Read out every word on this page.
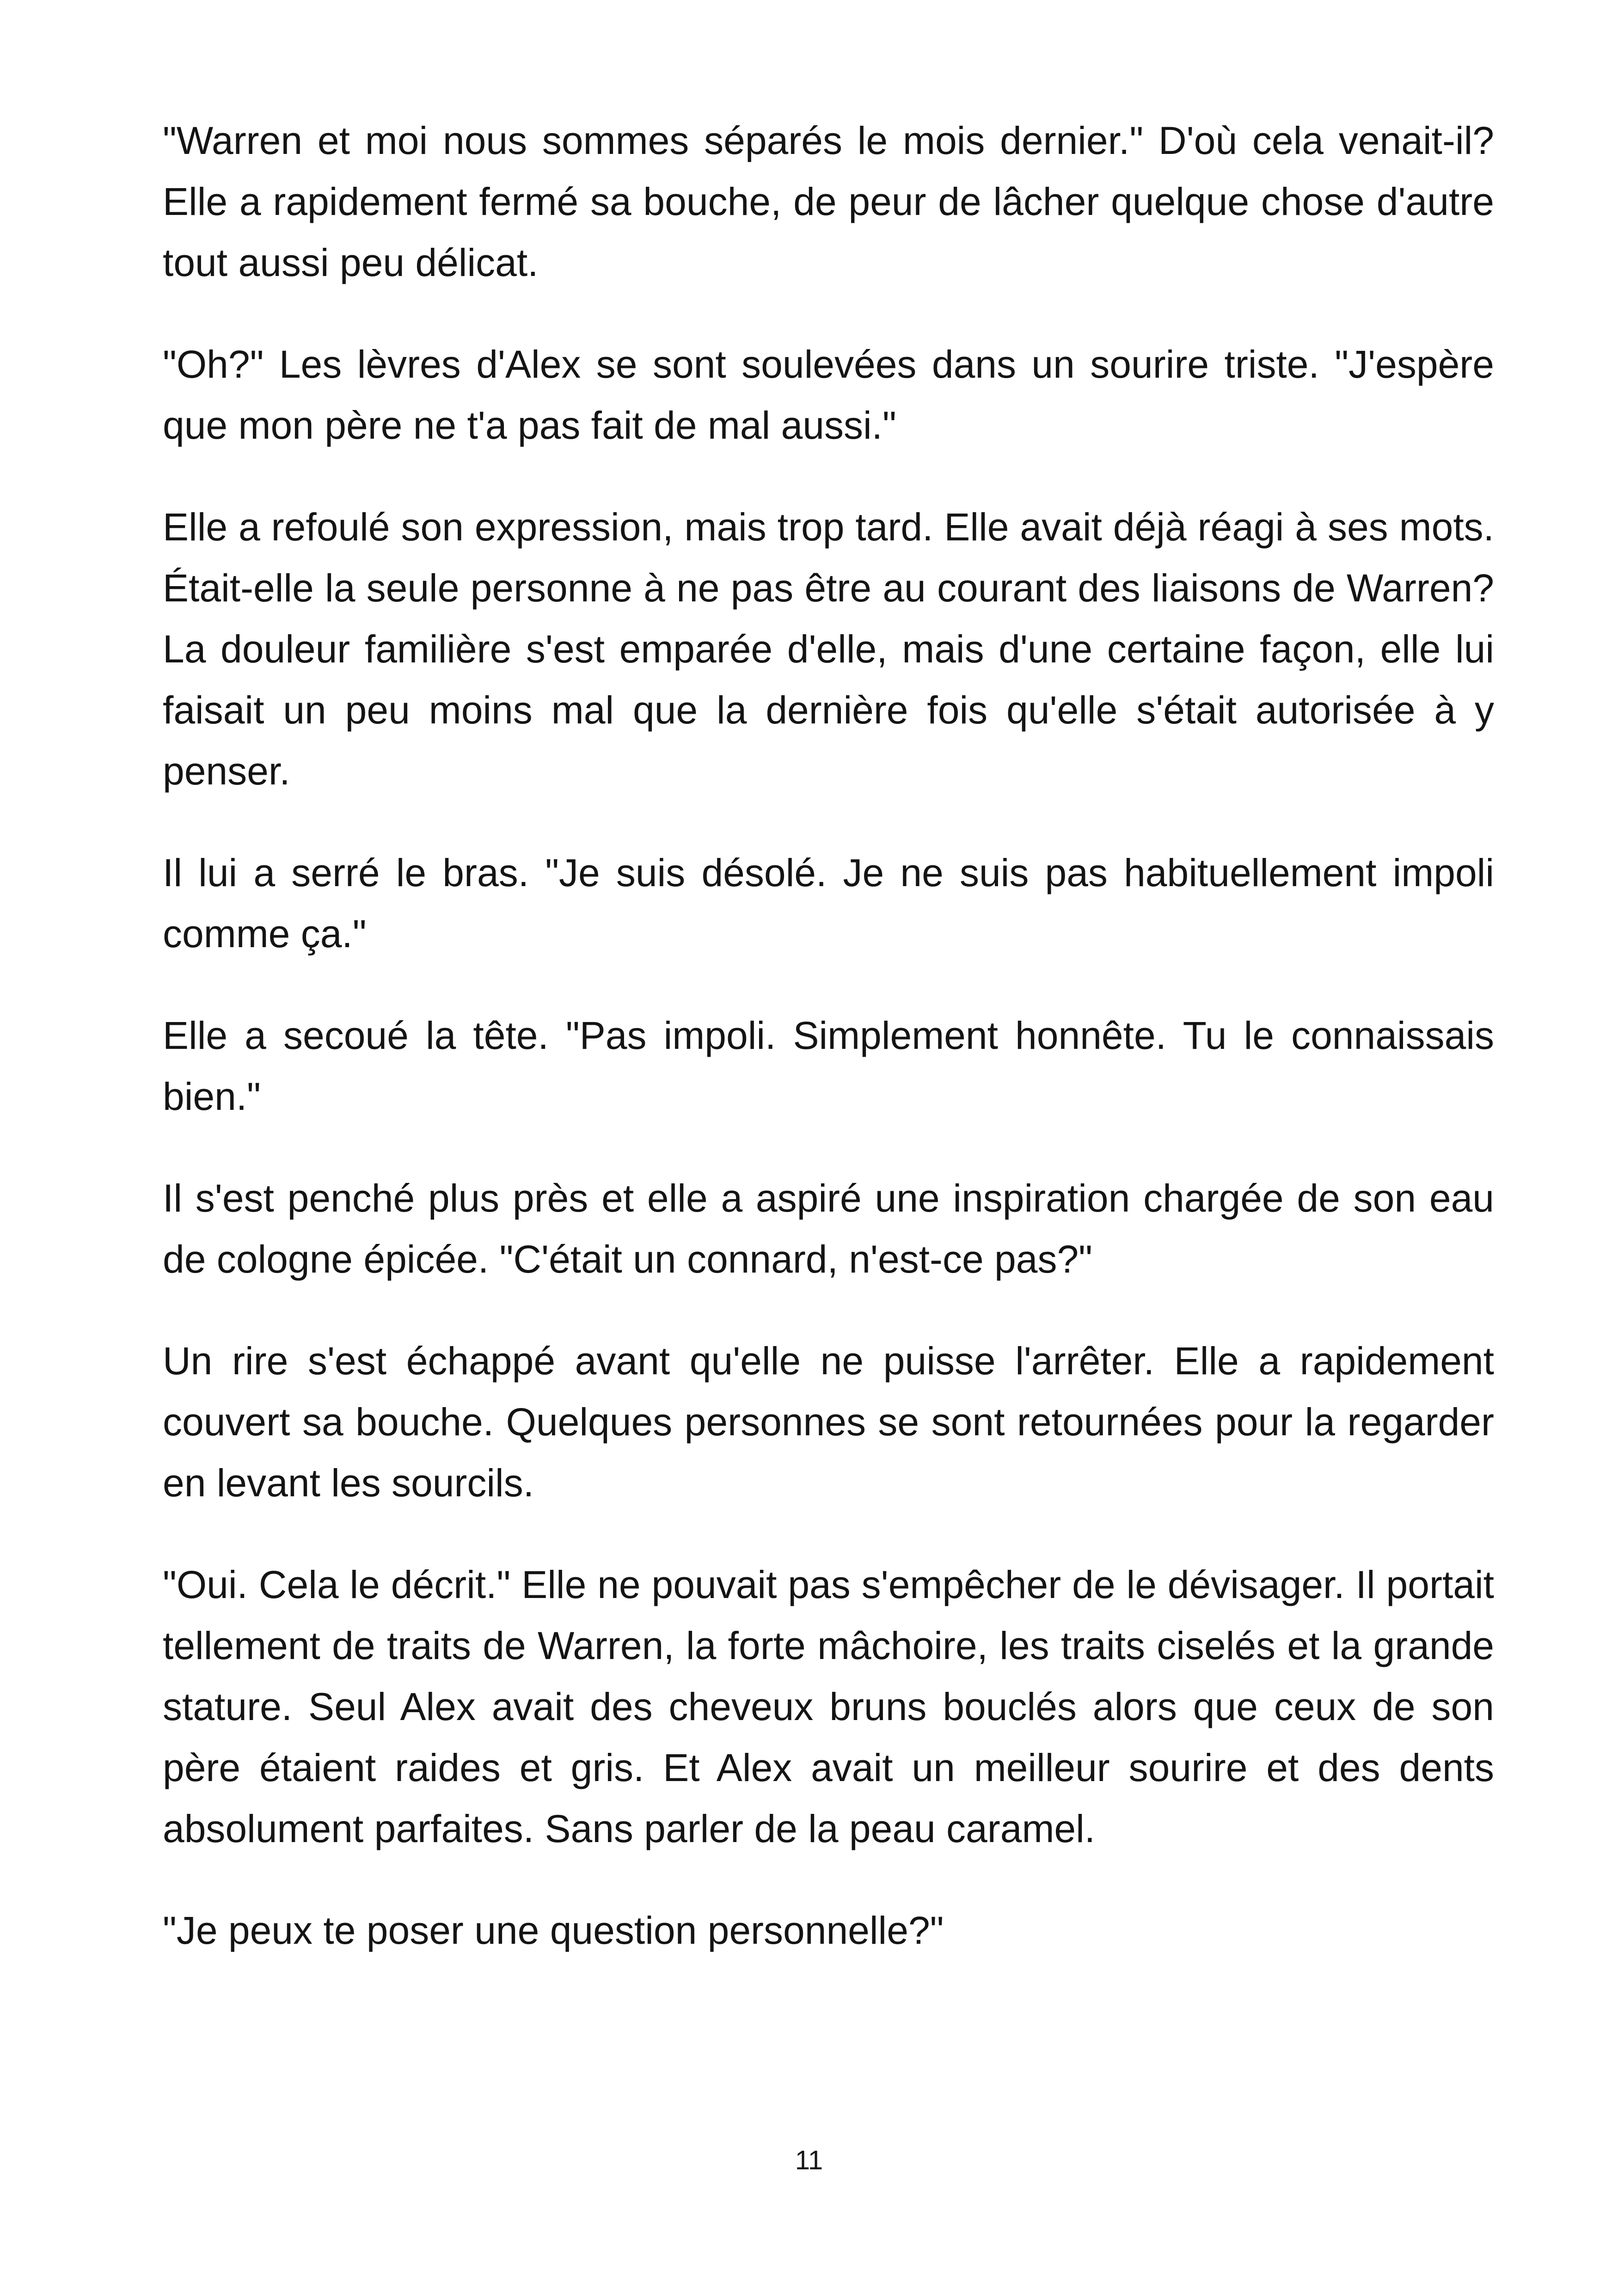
"Warren et moi nous sommes séparés le mois dernier." D'où cela venait-il? Elle a rapidement fermé sa bouche, de peur de lâcher quelque chose d'autre tout aussi peu délicat.

"Oh?" Les lèvres d'Alex se sont soulevées dans un sourire triste. "J'espère que mon père ne t'a pas fait de mal aussi."

Elle a refoulé son expression, mais trop tard. Elle avait déjà réagi à ses mots. Était-elle la seule personne à ne pas être au courant des liaisons de Warren? La douleur familière s'est emparée d'elle, mais d'une certaine façon, elle lui faisait un peu moins mal que la dernière fois qu'elle s'était autorisée à y penser.

Il lui a serré le bras. "Je suis désolé. Je ne suis pas habituellement impoli comme ça."

Elle a secoué la tête. "Pas impoli. Simplement honnête. Tu le connaissais bien."

Il s'est penché plus près et elle a aspiré une inspiration chargée de son eau de cologne épicée. "C'était un connard, n'est-ce pas?"

Un rire s'est échappé avant qu'elle ne puisse l'arrêter. Elle a rapidement couvert sa bouche. Quelques personnes se sont retournées pour la regarder en levant les sourcils.

"Oui. Cela le décrit." Elle ne pouvait pas s'empêcher de le dévisager. Il portait tellement de traits de Warren, la forte mâchoire, les traits ciselés et la grande stature. Seul Alex avait des cheveux bruns bouclés alors que ceux de son père étaient raides et gris. Et Alex avait un meilleur sourire et des dents absolument parfaites. Sans parler de la peau caramel.

"Je peux te poser une question personnelle?"

11
